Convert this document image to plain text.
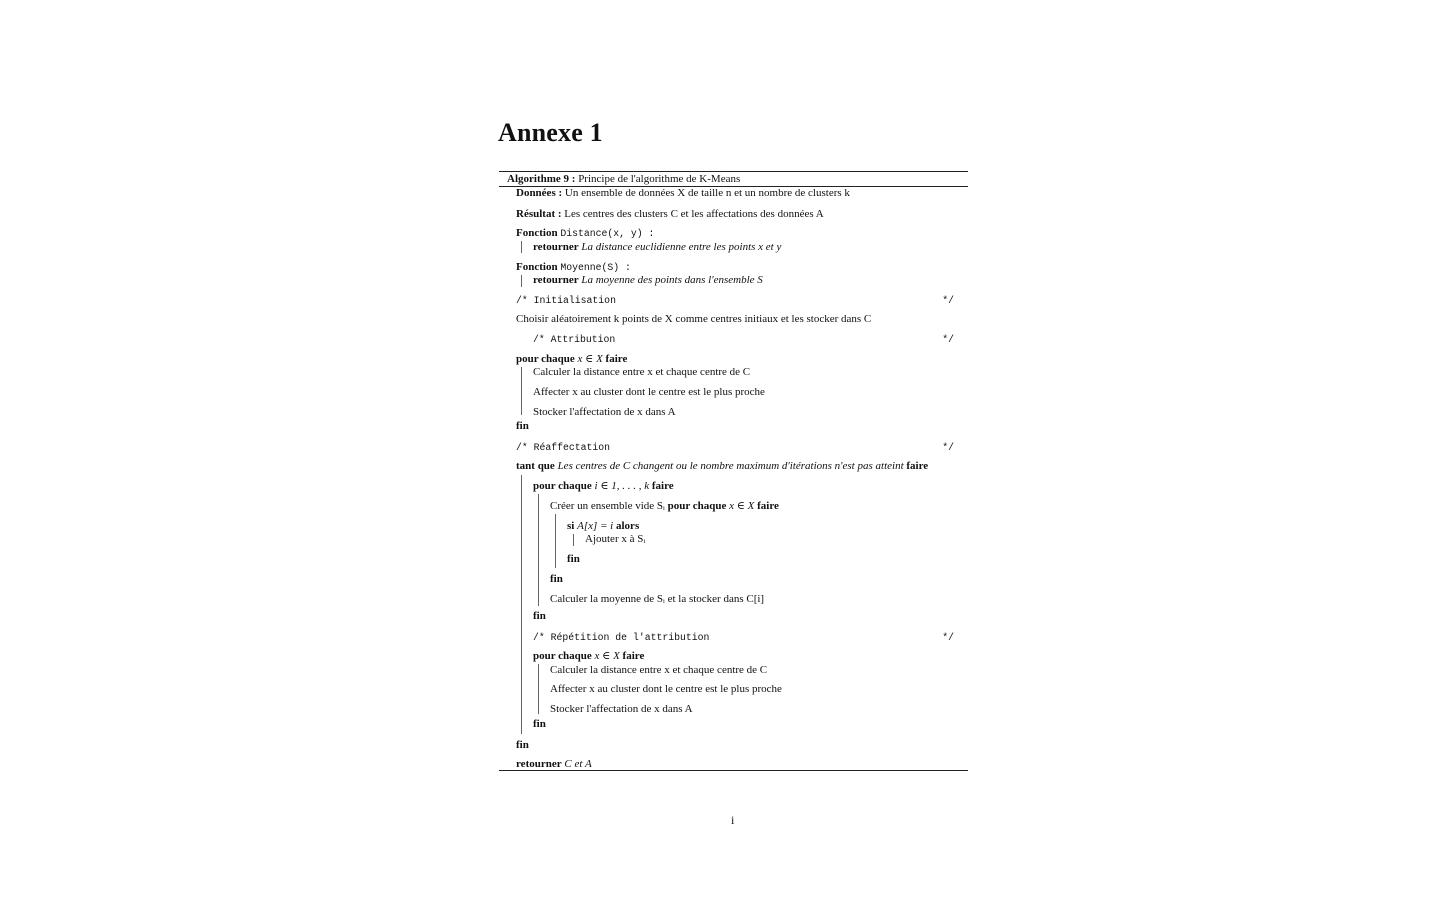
Annexe 1
Algorithme 9 : Principe de l'algorithme de K-Means
Données : Un ensemble de données X de taille n et un nombre de clusters k
Résultat : Les centres des clusters C et les affectations des données A
Fonction Distance(x, y) :
retourner La distance euclidienne entre les points x et y
Fonction Moyenne(S) :
retourner La moyenne des points dans l'ensemble S
/* Initialisation	*/
Choisir aléatoirement k points de X comme centres initiaux et les stocker dans C
/* Attribution	*/
pour chaque x ∈ X faire
Calculer la distance entre x et chaque centre de C
Affecter x au cluster dont le centre est le plus proche
Stocker l'affectation de x dans A
fin
/* Réaffectation	*/
tant que Les centres de C changent ou le nombre maximum d'itérations n'est pas atteint faire
pour chaque i ∈ 1, . . . , k faire
Créer un ensemble vide Sᵢ pour chaque x ∈ X faire
si A[x] = i alors
Ajouter x à Sᵢ
fin
fin
Calculer la moyenne de Sᵢ et la stocker dans C[i]
fin
/* Répétition de l'attribution	*/
pour chaque x ∈ X faire
Calculer la distance entre x et chaque centre de C
Affecter x au cluster dont le centre est le plus proche
Stocker l'affectation de x dans A
fin
fin
retourner C et A
i
